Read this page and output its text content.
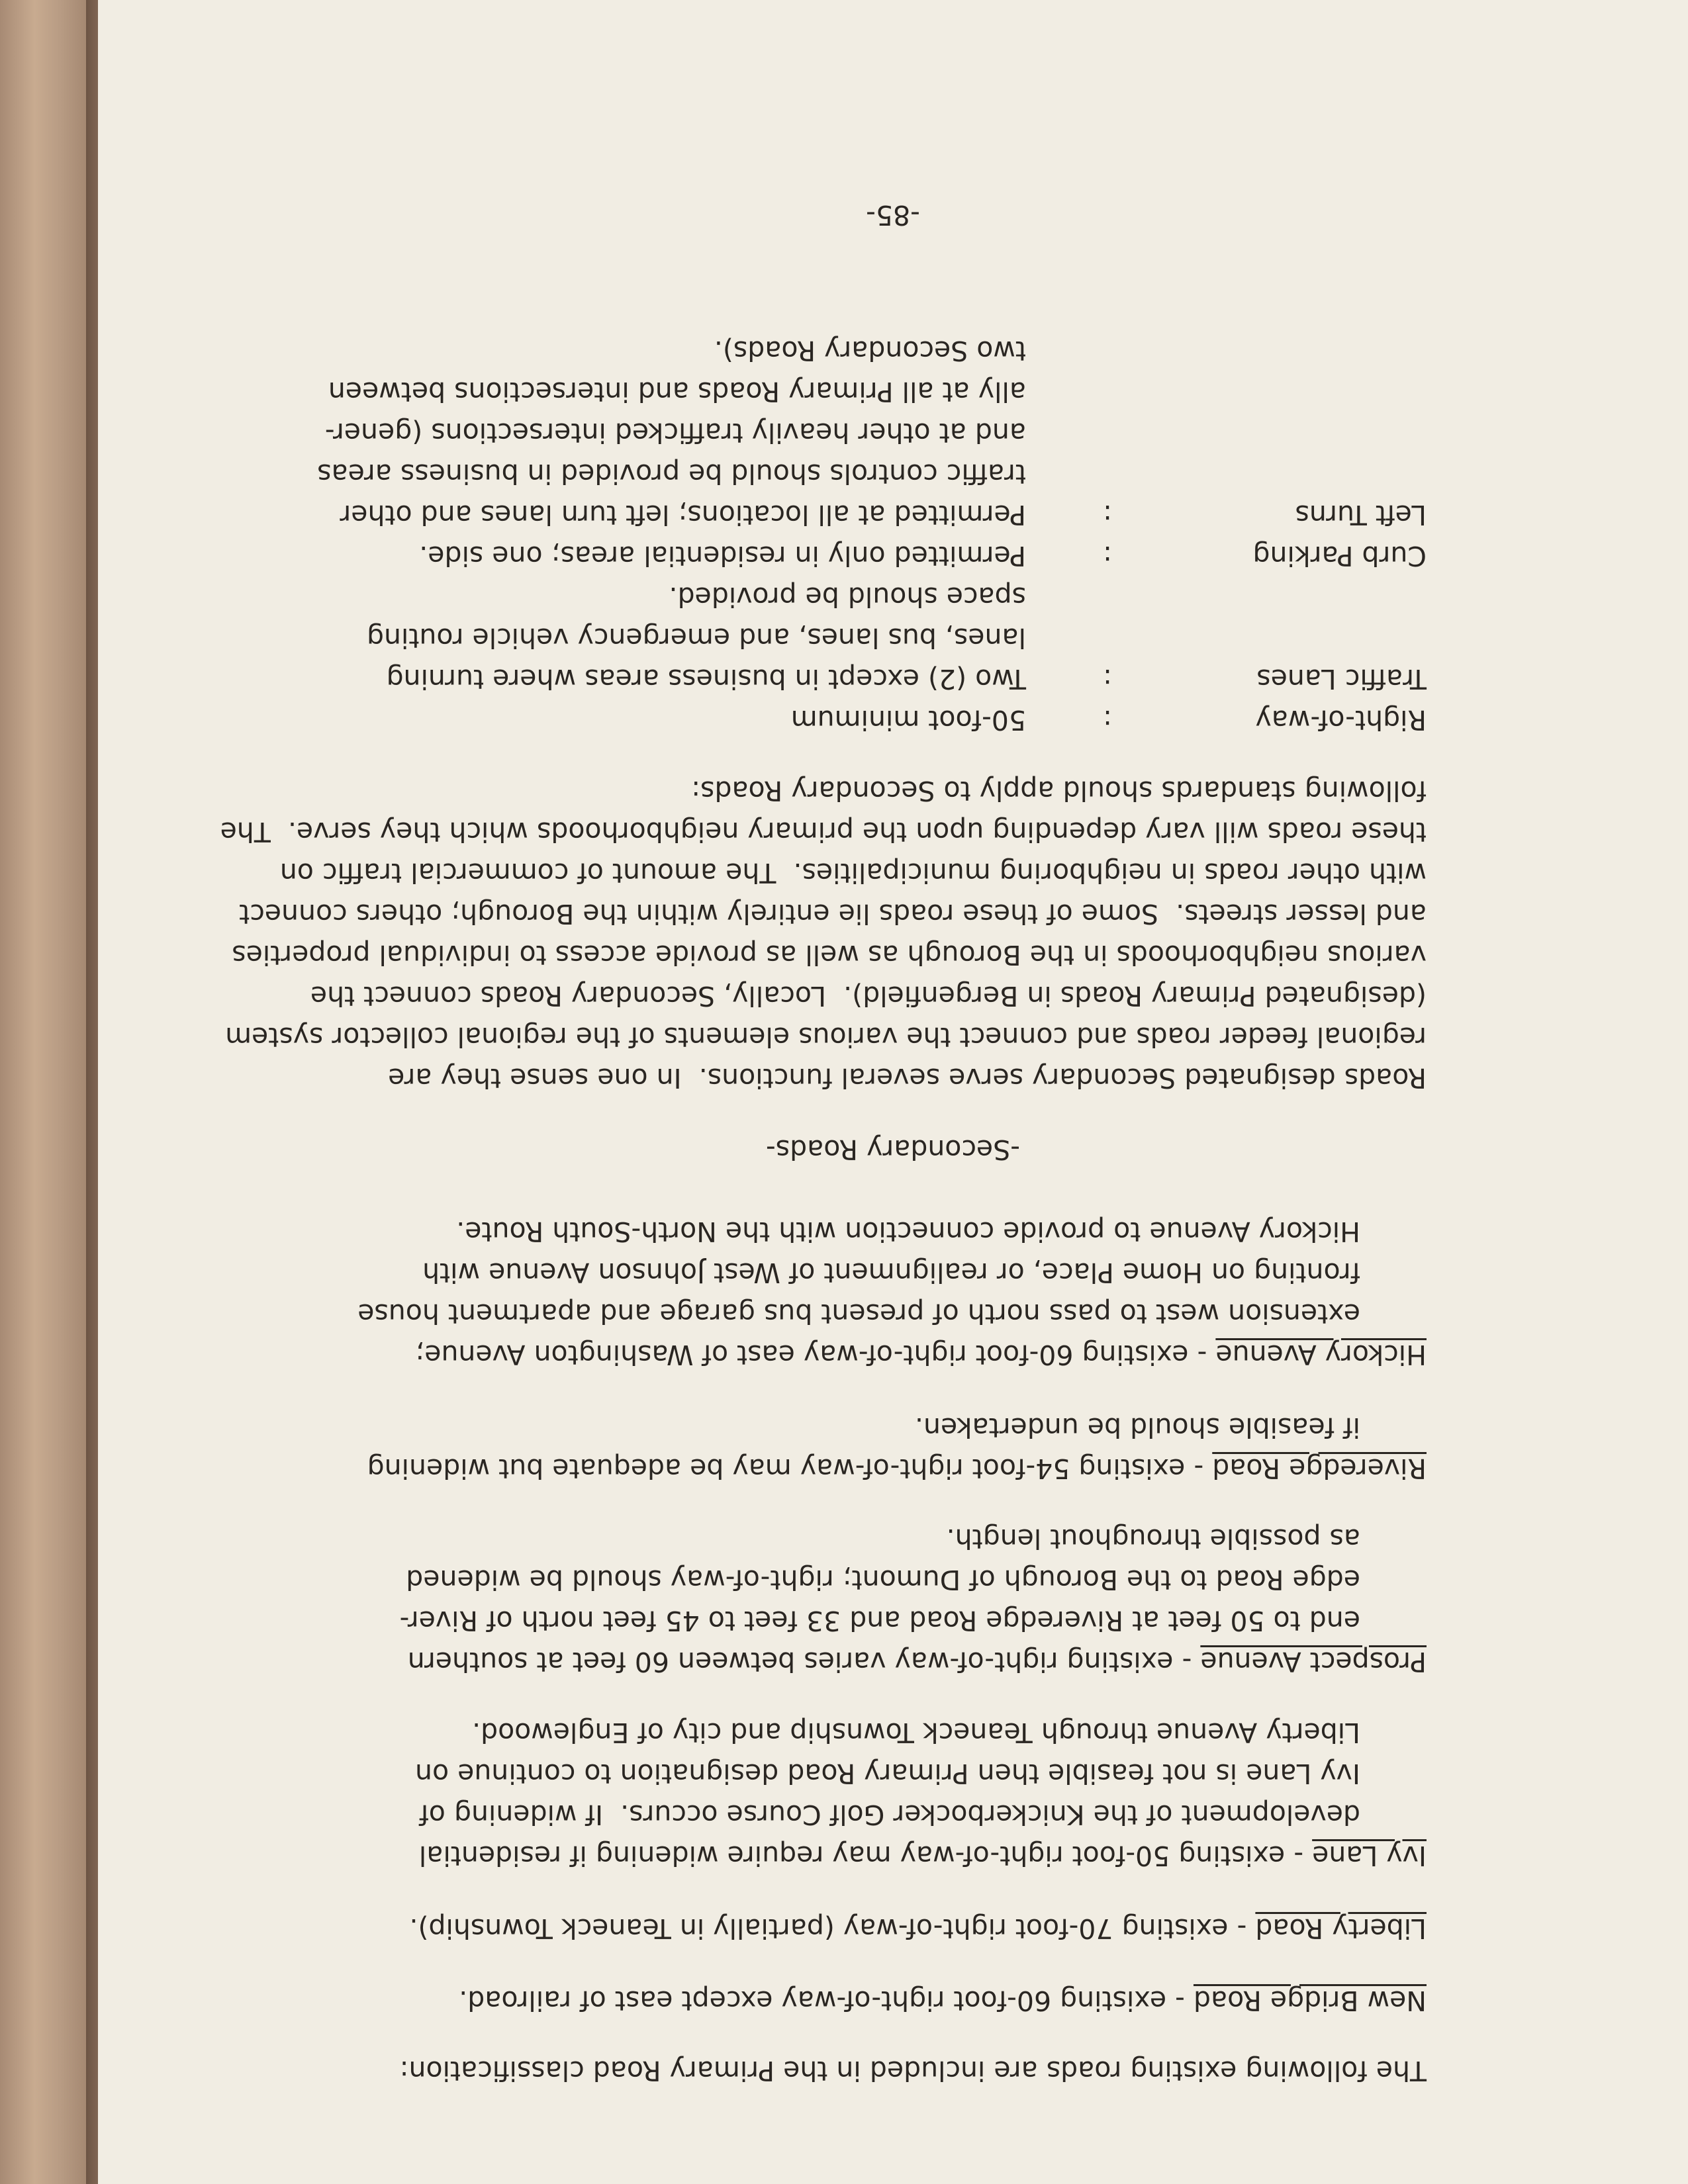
The following existing roads are included in the Primary Road classification:
New Bridge Road - existing 60-foot right-of-way except east of railroad.
Liberty Road - existing 70-foot right-of-way (partially in Teaneck Township).
Ivy Lane - existing 50-foot right-of-way may require widening if residential
development of the Knickerbocker Golf Course occurs.  If widening of
Ivy Lane is not feasible then Primary Road designation to continue on
Liberty Avenue through Teaneck Township and city of Englewood.
Prospect Avenue - existing right-of-way varies between 60 feet at southern
end to 50 feet at Riveredge Road and 33 feet to 45 feet north of River-
edge Road to the Borough of Dumont; right-of-way should be widened
as possible throughout length.
Riveredge Road - existing 54-foot right-of-way may be adequate but widening
if feasible should be undertaken.
Hickory Avenue - existing 60-foot right-of-way east of Washington Avenue;
extension west to pass north of present bus garage and apartment house
fronting on Home Place, or realignment of West Johnson Avenue with
Hickory Avenue to provide connection with the North-South Route.
-Secondary Roads-
Roads designated Secondary serve several functions.  In one sense they are
regional feeder roads and connect the various elements of the regional collector system
(designated Primary Roads in Bergenfield).  Locally, Secondary Roads connect the
various neighborhoods in the Borough as well as provide access to individual properties
and lesser streets.  Some of these roads lie entirely within the Borough; others connect
with other roads in neighboring municipalities.  The amount of commercial traffic on
these roads will vary depending upon the primary neighborhoods which they serve.  The
following standards should apply to Secondary Roads:
Right-of-way
:
50-foot minimum
Traffic Lanes
:
Two (2) except in business areas where turning
lanes, bus lanes, and emergency vehicle routing
space should be provided.
Curb Parking
:
Permitted only in residential areas; one side.
Left Turns
:
Permitted at all locations; left turn lanes and other
traffic controls should be provided in business areas
and at other heavily trafficked intersections (gener-
ally at all Primary Roads and intersections between
two Secondary Roads).
-85-
